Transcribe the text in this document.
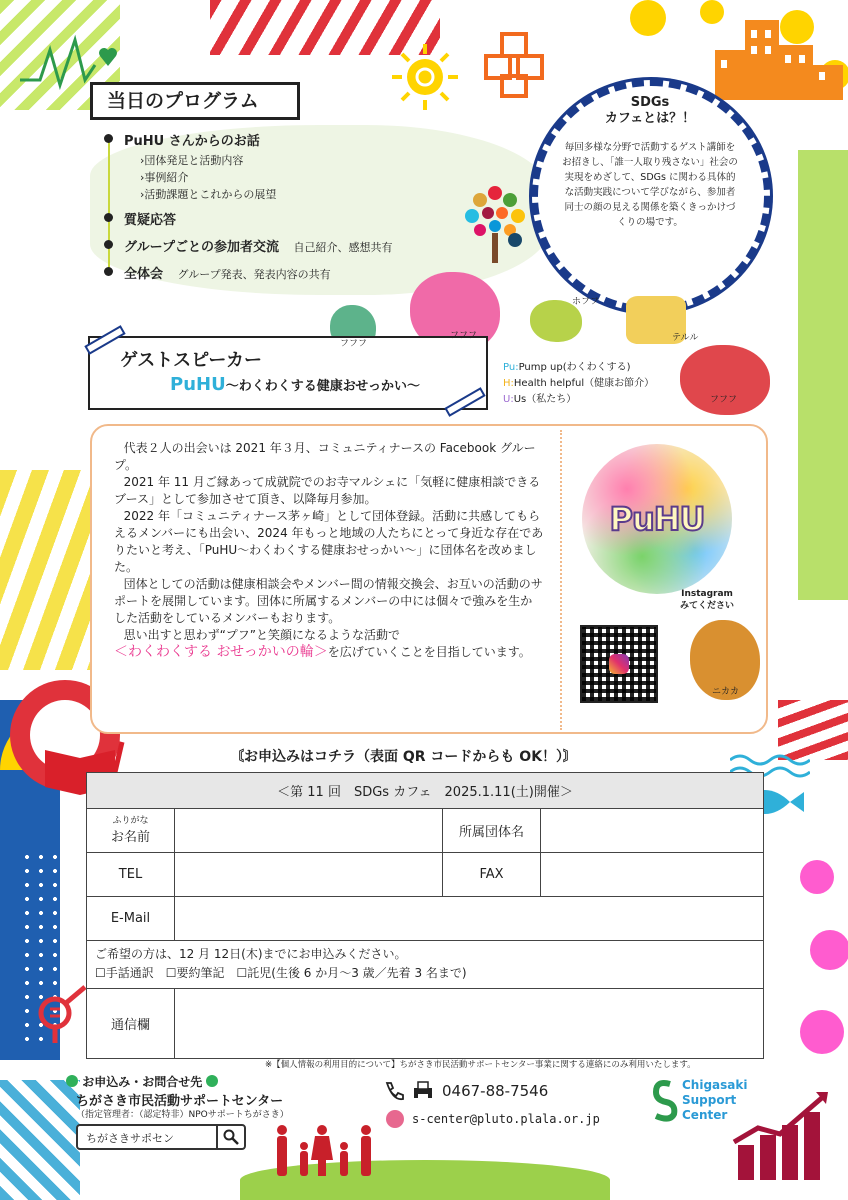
当日のプログラム
PuHU さんからのお話
›団体発足と活動内容
›事例紹介
›活動課題とこれからの展望
質疑応答
グループごとの参加者交流 自己紹介、感想共有
全体会 グループ発表、発表内容の共有
SDGs
カフェとは？！
毎回多様な分野で活動するゲスト講師をお招きし、「誰一人取り残さない」社会の実現をめざして、SDGs に関わる具体的な活動実践について学びながら、参加者同士の顔の見える関係を築くきっかけづくりの場です。
フフフ
フフフ
ホフフ
テルル
フフフ
ニカカ
ゲストスピーカー
PuHU〜わくわくする健康おせっかい〜
Pu:Pump up(わくわくする)
H:Health helpful（健康お節介）
U:Us（私たち）

代表２人の出会いは 2021 年３月、コミュニティナースの Facebook グループ。

2021 年 11 月ご縁あって成就院でのお寺マルシェに「気軽に健康相談できるブース」として参加させて頂き、以降毎月参加。

2022 年「コミュニティナース茅ヶ崎」として団体登録。活動に共感してもらえるメンバーにも出会い、2024 年もっと地域の人たちにとって身近な存在でありたいと考え、「PuHU〜わくわくする健康おせっかい〜」に団体名を改めました。

団体としての活動は健康相談会やメンバー間の情報交換会、お互いの活動のサポートを展開しています。団体に所属するメンバーの中には個々で強みを生かした活動をしているメンバーもおります。

思い出すと思わず“プフ”と笑顔になるような活動で
＜わくわくする おせっかいの輪＞を広げていくことを目指しています。

PuHU
Instagram
みてください
〘お申込みはコチラ（表面 QR コードからも OK！）〙
＜第 11 回　SDGs カフェ　2025.1.11(土)開催＞			

ふりがな
お名前		所属団体名	
TEL		FAX	
E-Mail			

ご希望の方は、12 月 12日(木)までにお申込みください。
☐手話通訳　☐要約筆記　☐託児(生後 6 か月〜3 歳／先着 3 名まで)			

通信欄			
※【個人情報の利用目的について】ちがさき市民活動サポートセンター事業に関する連絡にのみ利用いたします。
お申込み・お問合せ先
ちがさき市民活動サポートセンター
（指定管理者：（認定特非）NPOサポートちがさき）
ちがさきサポセン
0467-88-7546
s-center@pluto.plala.or.jp
Chigasaki
Support
Center
